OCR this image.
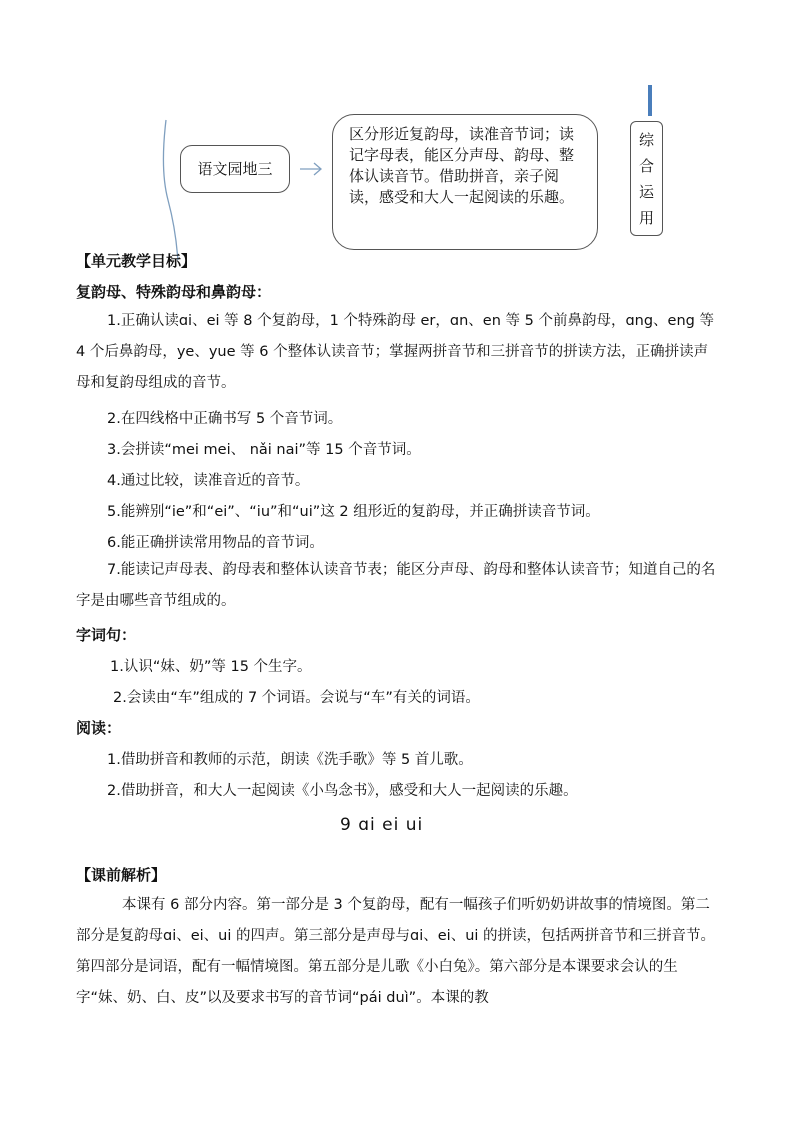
语文园地三
区分形近复韵母，读准音节词；读记字母表，能区分声母、韵母、整体认读音节。借助拼音，亲子阅读，感受和大人一起阅读的乐趣。
综
合
运
用
【单元教学目标】
复韵母、特殊韵母和鼻韵母：
1.正确认读ɑi、ei 等 8 个复韵母，1 个特殊韵母 er，ɑn、en 等 5 个前鼻韵母，ɑng、eng 等 4 个后鼻韵母，ye、yue 等 6 个整体认读音节；掌握两拼音节和三拼音节的拼读方法，正确拼读声母和复韵母组成的音节。
2.在四线格中正确书写 5 个音节词。
3.会拼读“mei mei、 nǎi nai”等 15 个音节词。
4.通过比较，读准音近的音节。
5.能辨别“ie”和“ei”、“iu”和“ui”这 2 组形近的复韵母，并正确拼读音节词。
6.能正确拼读常用物品的音节词。
7.能读记声母表、韵母表和整体认读音节表；能区分声母、韵母和整体认读音节；知道自己的名字是由哪些音节组成的。
字词句：
1.认识“妹、奶”等 15 个生字。
2.会读由“车”组成的 7 个词语。会说与“车”有关的词语。
阅读：
1.借助拼音和教师的示范，朗读《洗手歌》等 5 首儿歌。
2.借助拼音，和大人一起阅读《小鸟念书》，感受和大人一起阅读的乐趣。
9 ɑi ei ui
【课前解析】
本课有 6 部分内容。第一部分是 3 个复韵母，配有一幅孩子们听奶奶讲故事的情境图。第二部分是复韵母ɑi、ei、ui 的四声。第三部分是声母与ɑi、ei、ui 的拼读，包括两拼音节和三拼音节。第四部分是词语，配有一幅情境图。第五部分是儿歌《小白兔》。第六部分是本课要求会认的生字“妹、奶、白、皮”以及要求书写的音节词“pái duì”。本课的教
